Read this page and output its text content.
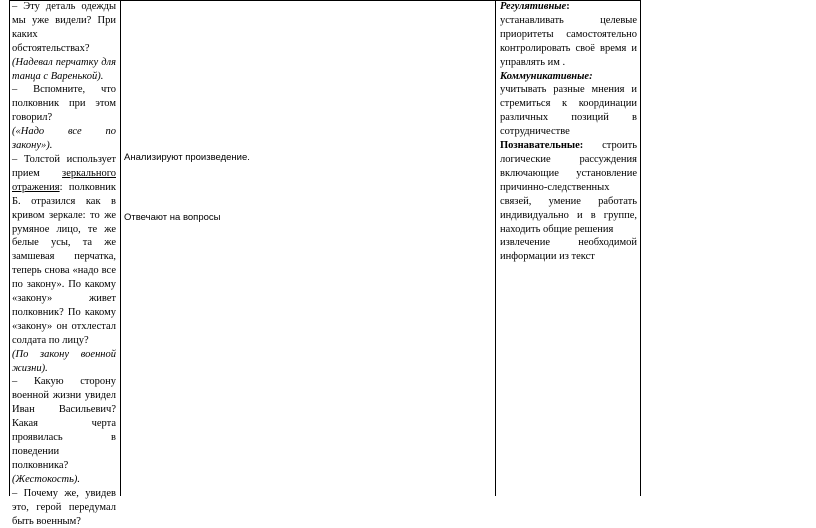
– Эту деталь одежды мы уже видели? При каких обстоятельствах?

(Надевал перчатку для танца с Варенькой).

– Вспомните, что полковник при этом говорил?

(«Надо все по закону»).

– Толстой использует прием зеркального отражения: полковник Б. отразился как в кривом зеркале: то же румяное лицо, те же белые усы, та же замшевая перчатка, теперь снова «надо все по закону». По какому «закону» живет полковник? По какому «закону» он отхлестал солдата по лицу?

(По закону военной жизни).

– Какую сторону военной жизни увидел Иван Васильевич? Какая черта проявилась в поведении полковника?

(Жестокость).

– Почему же, увидев это, герой передумал быть военным?

Анализируют произведение.
Отвечают на вопросы

Регулятивные:

устанавливать целевые приоритеты самостоятельно контролировать своё время и управлять им .

Коммуникативные:

учитывать разные мнения и стремиться к координации различных позиций в сотрудничестве

Познавательные: строить логические рассуждения включающие установление причинно-следственных связей, умение работать индивидуально и в группе, находить общие решения

извлечение необходимой информации из текст
